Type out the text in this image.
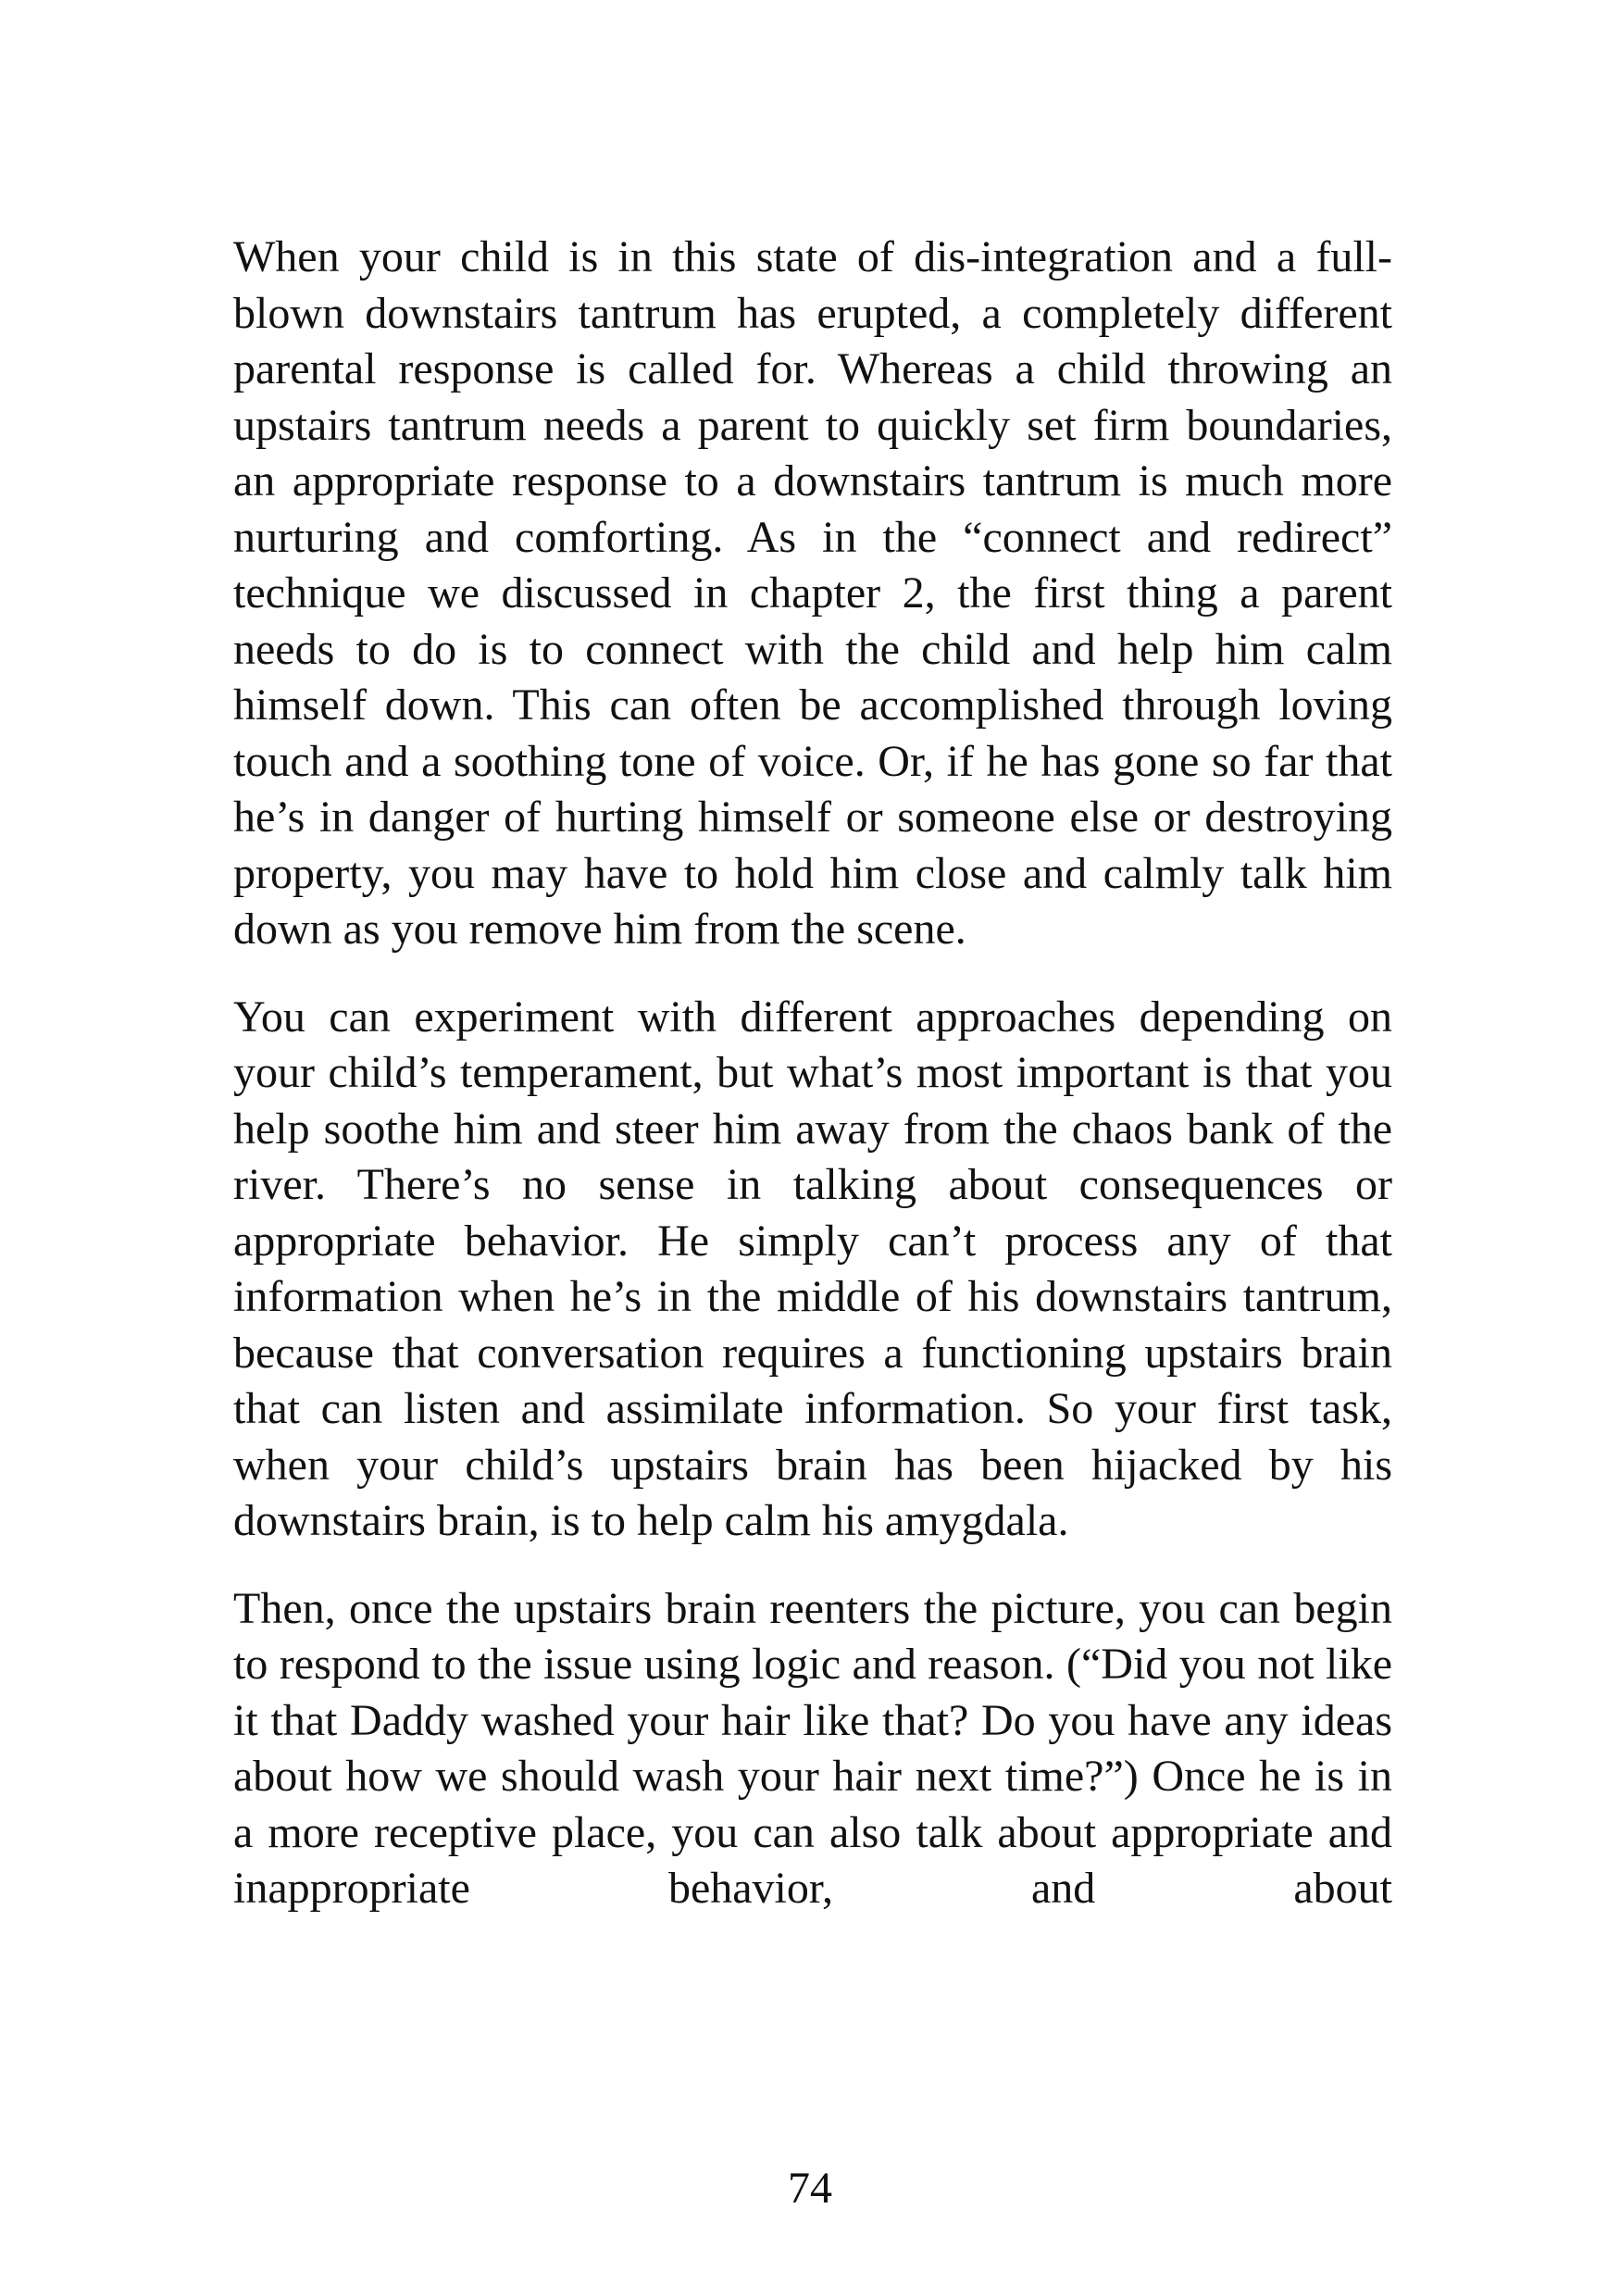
When your child is in this state of dis-integration and a full-blown downstairs tantrum has erupted, a completely different parental response is called for. Whereas a child throwing an upstairs tantrum needs a parent to quickly set firm boundaries, an appropriate response to a downstairs tantrum is much more nurturing and comforting. As in the “connect and redirect” technique we discussed in chapter 2, the first thing a parent needs to do is to connect with the child and help him calm himself down. This can often be accomplished through loving touch and a soothing tone of voice. Or, if he has gone so far that he’s in danger of hurting himself or someone else or destroying property, you may have to hold him close and calmly talk him down as you remove him from the scene.

You can experiment with different approaches depending on your child’s temperament, but what’s most important is that you help soothe him and steer him away from the chaos bank of the river. There’s no sense in talking about consequences or appropriate behavior. He simply can’t process any of that information when he’s in the middle of his downstairs tantrum, because that conversation requires a functioning upstairs brain that can listen and assimilate information. So your first task, when your child’s upstairs brain has been hijacked by his downstairs brain, is to help calm his amygdala.

Then, once the upstairs brain reenters the picture, you can begin to respond to the issue using logic and reason. (“Did you not like it that Daddy washed your hair like that? Do you have any ideas about how we should wash your hair next time?”) Once he is in a more receptive place, you can also talk about appropriate and inappropriate behavior, and about

74
